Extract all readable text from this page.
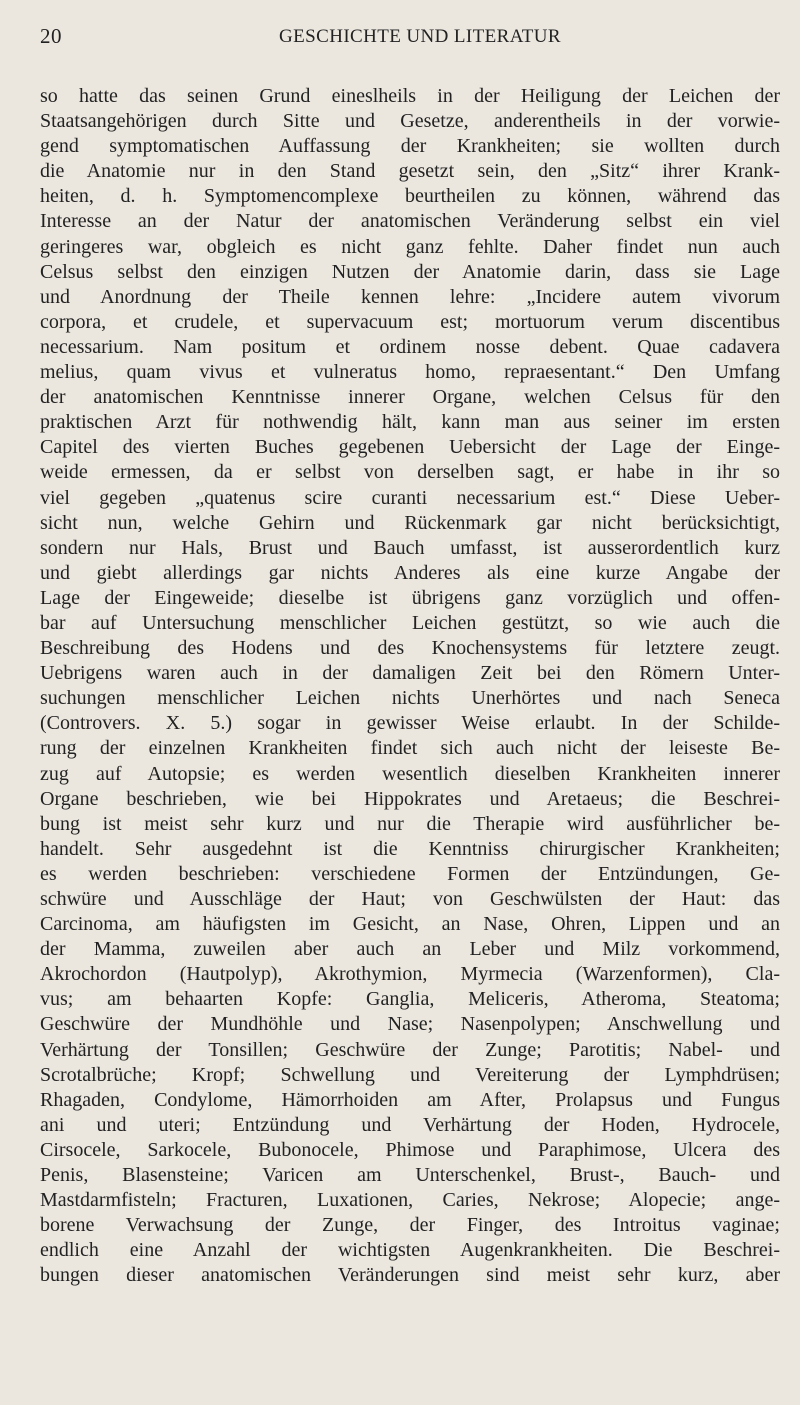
20	GESCHICHTE UND LITERATUR
so hatte das seinen Grund eineslheils in der Heiligung der Leichen der
Staatsangehörigen durch Sitte und Gesetze, anderentheils in der vorwie-
gend symptomatischen Auffassung der Krankheiten; sie wollten durch
die Anatomie nur in den Stand gesetzt sein, den „Sitz“ ihrer Krank-
heiten, d. h. Symptomencomplexe beurtheilen zu können, während das
Interesse an der Natur der anatomischen Veränderung selbst ein viel
geringeres war, obgleich es nicht ganz fehlte. Daher findet nun auch
Celsus selbst den einzigen Nutzen der Anatomie darin, dass sie Lage
und Anordnung der Theile kennen lehre: „Incidere autem vivorum
corpora, et crudele, et supervacuum est; mortuorum verum discentibus
necessarium. Nam positum et ordinem nosse debent. Quae cadavera
melius, quam vivus et vulneratus homo, repraesentant.“ Den Umfang
der anatomischen Kenntnisse innerer Organe, welchen Celsus für den
praktischen Arzt für nothwendig hält, kann man aus seiner im ersten
Capitel des vierten Buches gegebenen Uebersicht der Lage der Einge-
weide ermessen, da er selbst von derselben sagt, er habe in ihr so
viel gegeben „quatenus scire curanti necessarium est.“ Diese Ueber-
sicht nun, welche Gehirn und Rückenmark gar nicht berücksichtigt,
sondern nur Hals, Brust und Bauch umfasst, ist ausserordentlich kurz
und giebt allerdings gar nichts Anderes als eine kurze Angabe der
Lage der Eingeweide; dieselbe ist übrigens ganz vorzüglich und offen-
bar auf Untersuchung menschlicher Leichen gestützt, so wie auch die
Beschreibung des Hodens und des Knochensystems für letztere zeugt.
Uebrigens waren auch in der damaligen Zeit bei den Römern Unter-
suchungen menschlicher Leichen nichts Unerhörtes und nach Seneca
(Controvers. X. 5.) sogar in gewisser Weise erlaubt. In der Schilde-
rung der einzelnen Krankheiten findet sich auch nicht der leiseste Be-
zug auf Autopsie; es werden wesentlich dieselben Krankheiten innerer
Organe beschrieben, wie bei Hippokrates und Aretaeus; die Beschrei-
bung ist meist sehr kurz und nur die Therapie wird ausführlicher be-
handelt. Sehr ausgedehnt ist die Kenntniss chirurgischer Krankheiten;
es werden beschrieben: verschiedene Formen der Entzündungen, Ge-
schwüre und Ausschläge der Haut; von Geschwülsten der Haut: das
Carcinoma, am häufigsten im Gesicht, an Nase, Ohren, Lippen und an
der Mamma, zuweilen aber auch an Leber und Milz vorkommend,
Akrochordon (Hautpolyp), Akrothymion, Myrmecia (Warzenformen), Cla-
vus; am behaarten Kopfe: Ganglia, Meliceris, Atheroma, Steatoma;
Geschwüre der Mundhöhle und Nase; Nasenpolypen; Anschwellung und
Verhärtung der Tonsillen; Geschwüre der Zunge; Parotitis; Nabel- und
Scrotalbrüche; Kropf; Schwellung und Vereiterung der Lymphdrüsen;
Rhagaden, Condylome, Hämorrhoiden am After, Prolapsus und Fungus
ani und uteri; Entzündung und Verhärtung der Hoden, Hydrocele,
Cirsocele, Sarkocele, Bubonocele, Phimose und Paraphimose, Ulcera des
Penis, Blasensteine; Varicen am Unterschenkel, Brust-, Bauch- und
Mastdarmfisteln; Fracturen, Luxationen, Caries, Nekrose; Alopecie; ange-
borene Verwachsung der Zunge, der Finger, des Introitus vaginae;
endlich eine Anzahl der wichtigsten Augenkrankheiten. Die Beschrei-
bungen dieser anatomischen Veränderungen sind meist sehr kurz, aber
